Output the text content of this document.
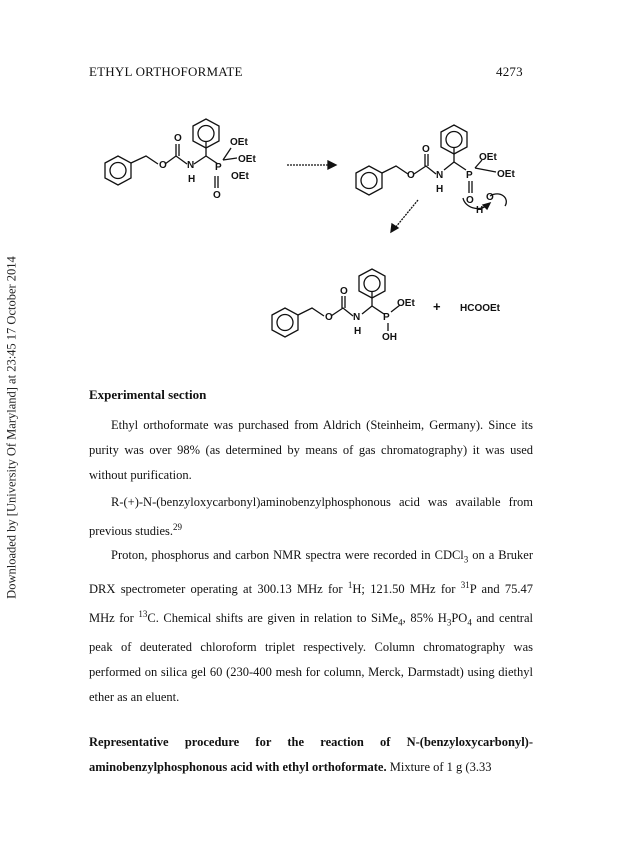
ETHYL ORTHOFORMATE	4273
Downloaded by [University Of Maryland] at 23:45 17 October 2014
O
O
N
H
P
O
OEt
OEt
OEt	O
O
N
H
P
O
OEt
OEt
O
H
O
O
N
H
P
OEt
OH
+ HCOOEt
Experimental section
Ethyl orthoformate was purchased from Aldrich (Steinheim, Germany). Since its purity was over 98% (as determined by means of gas chromatography) it was used without purification.
R-(+)-N-(benzyloxycarbonyl)aminobenzylphosphonous acid was available from previous studies.$^{29}$
Proton, phosphorus and carbon NMR spectra were recorded in CDCl$_3$ on a Bruker DRX spectrometer operating at 300.13 MHz for $^1$H; 121.50 MHz for $^{31}$P and 75.47 MHz for $^{13}$C. Chemical shifts are given in relation to SiMe$_4$, 85% $H_3PO_4$ and central peak of deuterated chloroform triplet respectively. Column chromatography was performed on silica gel 60 (230-400 mesh for column, Merck, Darmstadt) using diethyl ether as an eluent.
Representative procedure for the reaction of N-(benzyloxycarbonyl)-aminobenzylphosphonous acid with ethyl orthoformate. Mixture of 1 g (3.33
